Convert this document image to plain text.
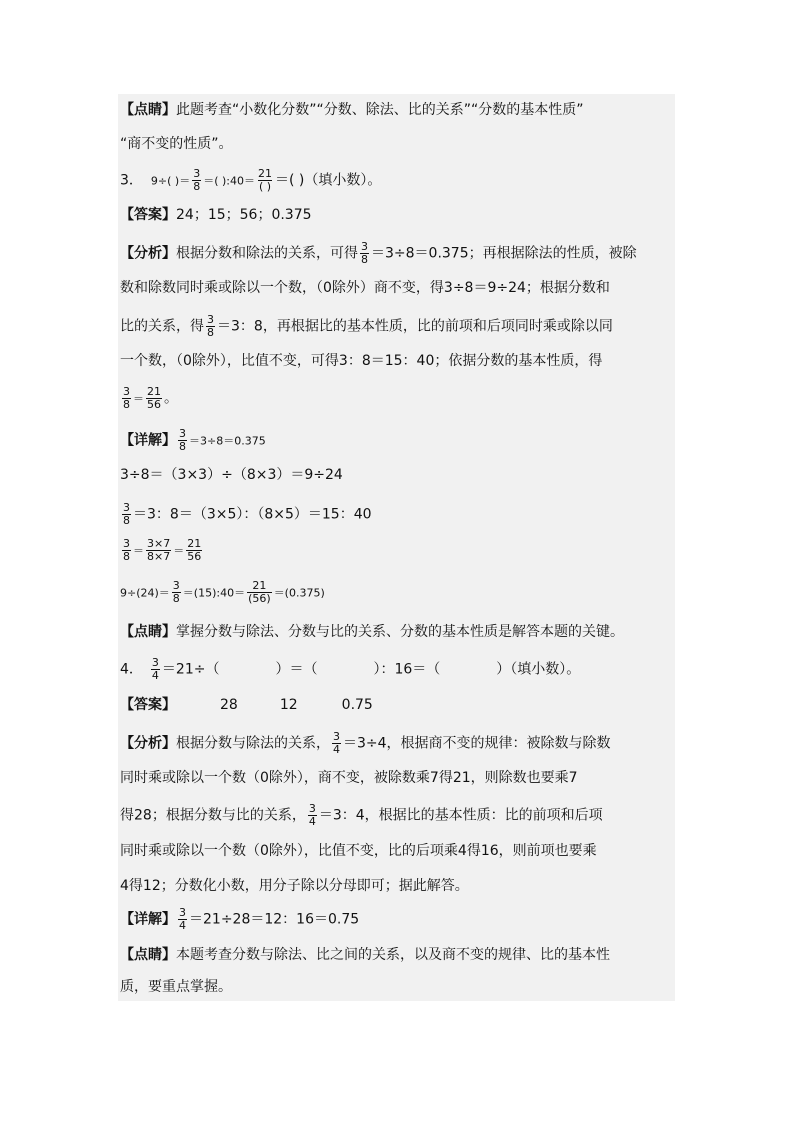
【点睛】此题考查“小数化分数”“分数、除法、比的关系”“分数的基本性质”
“商不变的性质”。
3． 9÷( )＝ $\frac{3}{8}$ ＝( ):40＝ $\frac{21}{( )}$ ＝( )（填小数）。
【答案】24；15；56；0.375
【分析】根据分数和除法的关系，可得 $\frac{3}{8} =3\div 8=0.375$；再根据除法的性质，被除
数和除数同时乘或除以一个数，（0除外）商不变，得3÷8＝9÷24；根据分数和
比的关系，得 $\frac{3}{8} =3$：8，再根据比的基本性质，比的前项和后项同时乘或除以同
一个数，（0除外），比值不变，可得3：8＝15：40；依据分数的基本性质，得
$\frac{3}{8} = \frac{21}{56}$ 。
【详解】 $\frac{3}{8} =3\div 8=0.375$
3÷8＝（3×3）÷（8×3）＝9÷24
$\frac{3}{8} =3$：8＝（3×5）：（8×5）＝15：40
$\frac{3}{8} = \frac{3\times 7}{8\times 7} = \frac{21}{56}$
$9\div(24)= \frac{3}{8}$ ＝(15):40＝ $\frac{21}{(56)} =(0.375)$
【点睛】掌握分数与除法、分数与比的关系、分数的基本性质是解答本题的关键。
4． $\frac{3}{4} =21\div$（　　　　）＝（　　　　）：16＝（　　　　）（填小数）。
【答案】	28	12	0.75
【分析】根据分数与除法的关系， $\frac{3}{4} =3\div 4$，根据商不变的规律：被除数与除数
同时乘或除以一个数（0除外），商不变，被除数乘7得21，则除数也要乘7
得28；根据分数与比的关系， $\frac{3}{4} =3$：4，根据比的基本性质：比的前项和后项
同时乘或除以一个数（0除外），比值不变，比的后项乘4得16，则前项也要乘
4得12；分数化小数，用分子除以分母即可；据此解答。
【详解】 $\frac{3}{4} =21\div 28=12$：16＝0.75
【点睛】本题考查分数与除法、比之间的关系，以及商不变的规律、比的基本性
质，要重点掌握。
